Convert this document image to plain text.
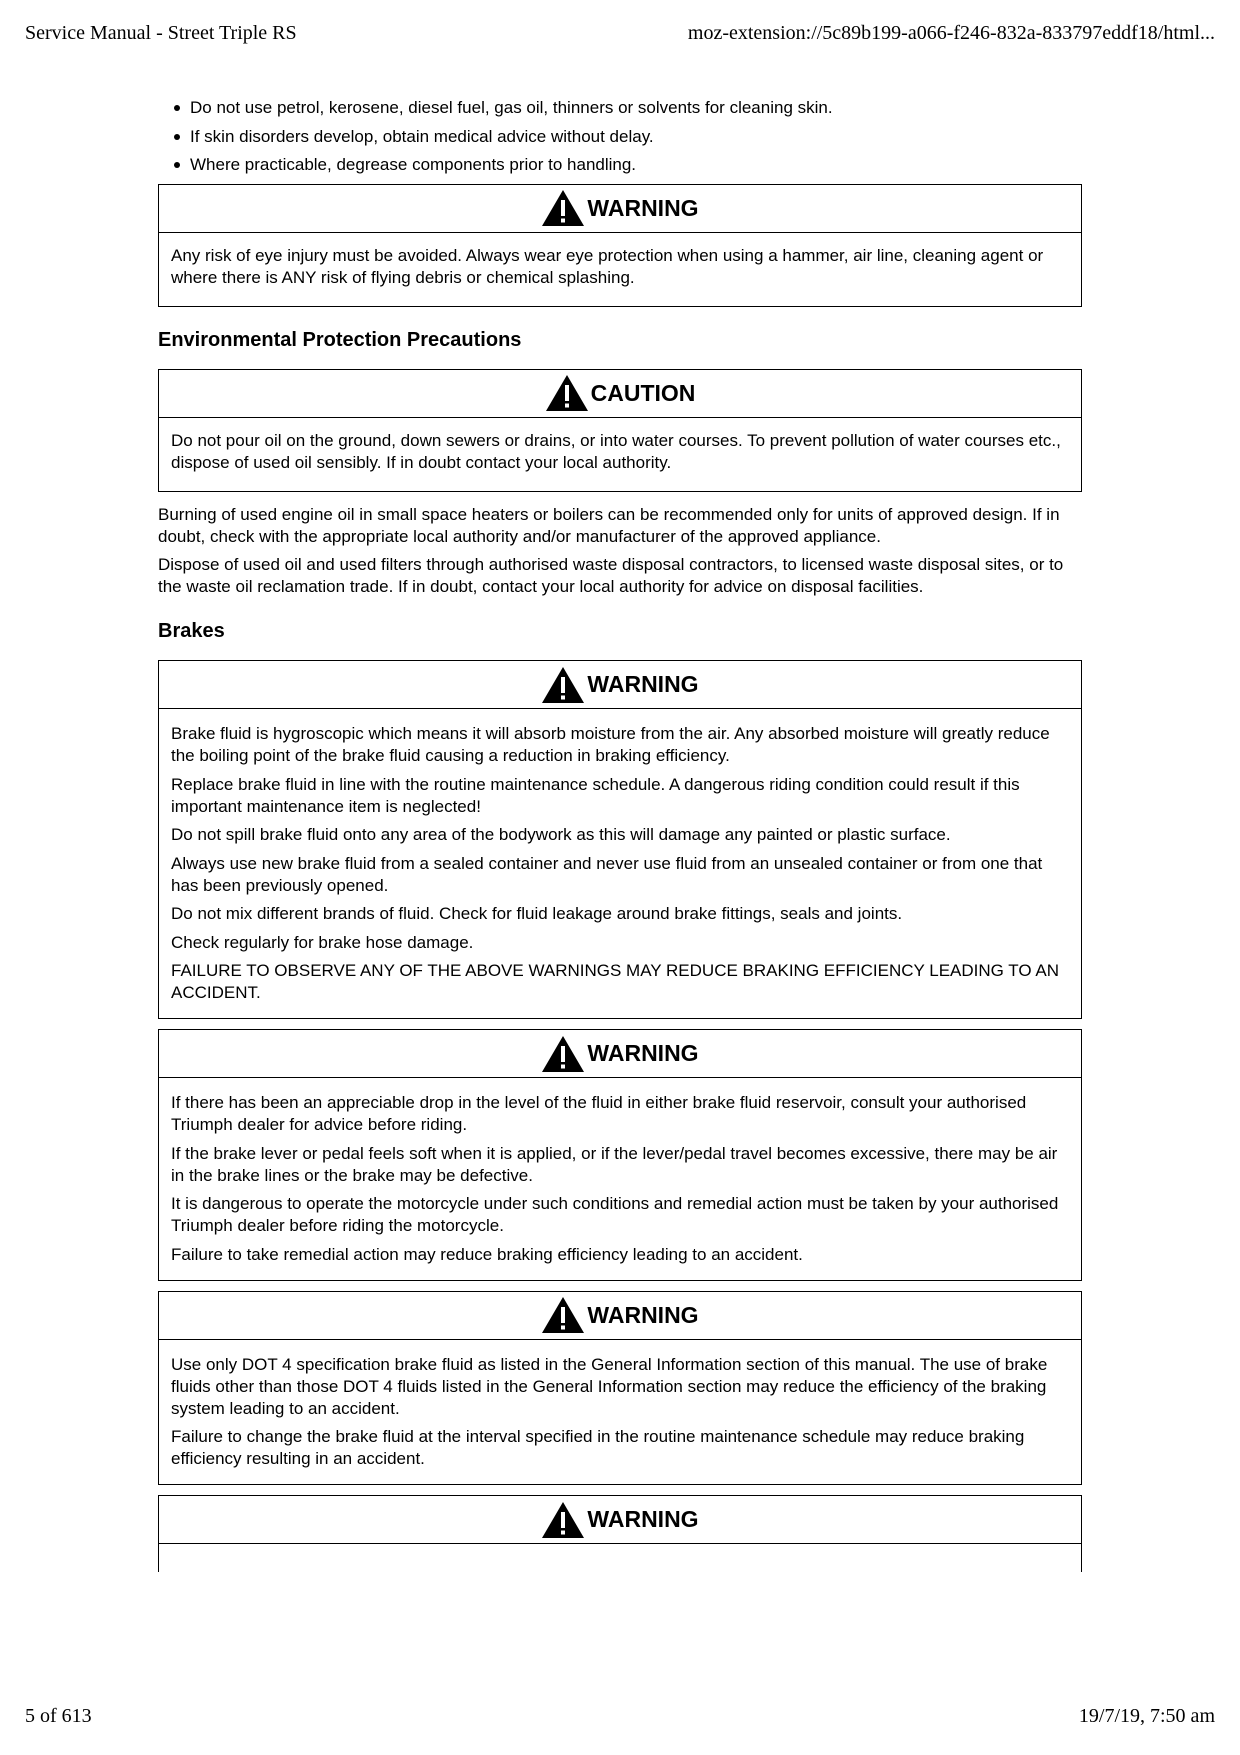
Service Manual - Street Triple RS	moz-extension://5c89b199-a066-f246-832a-833797eddf18/html...
Do not use petrol, kerosene, diesel fuel, gas oil, thinners or solvents for cleaning skin.
If skin disorders develop, obtain medical advice without delay.
Where practicable, degrease components prior to handling.
WARNING

Any risk of eye injury must be avoided. Always wear eye protection when using a hammer, air line, cleaning agent or where there is ANY risk of flying debris or chemical splashing.

Environmental Protection Precautions
CAUTION

Do not pour oil on the ground, down sewers or drains, or into water courses. To prevent pollution of water courses etc., dispose of used oil sensibly. If in doubt contact your local authority.

Burning of used engine oil in small space heaters or boilers can be recommended only for units of approved design. If in doubt, check with the appropriate local authority and/or manufacturer of the approved appliance.

Dispose of used oil and used filters through authorised waste disposal contractors, to licensed waste disposal sites, or to the waste oil reclamation trade. If in doubt, contact your local authority for advice on disposal facilities.

Brakes
WARNING

Brake fluid is hygroscopic which means it will absorb moisture from the air. Any absorbed moisture will greatly reduce the boiling point of the brake fluid causing a reduction in braking efficiency.

Replace brake fluid in line with the routine maintenance schedule. A dangerous riding condition could result if this important maintenance item is neglected!

Do not spill brake fluid onto any area of the bodywork as this will damage any painted or plastic surface.

Always use new brake fluid from a sealed container and never use fluid from an unsealed container or from one that has been previously opened.

Do not mix different brands of fluid. Check for fluid leakage around brake fittings, seals and joints.

Check regularly for brake hose damage.

FAILURE TO OBSERVE ANY OF THE ABOVE WARNINGS MAY REDUCE BRAKING EFFICIENCY LEADING TO AN ACCIDENT.

WARNING

If there has been an appreciable drop in the level of the fluid in either brake fluid reservoir, consult your authorised Triumph dealer for advice before riding.

If the brake lever or pedal feels soft when it is applied, or if the lever/pedal travel becomes excessive, there may be air in the brake lines or the brake may be defective.

It is dangerous to operate the motorcycle under such conditions and remedial action must be taken by your authorised Triumph dealer before riding the motorcycle.

Failure to take remedial action may reduce braking efficiency leading to an accident.

WARNING

Use only DOT 4 specification brake fluid as listed in the General Information section of this manual. The use of brake fluids other than those DOT 4 fluids listed in the General Information section may reduce the efficiency of the braking system leading to an accident.

Failure to change the brake fluid at the interval specified in the routine maintenance schedule may reduce braking efficiency resulting in an accident.

WARNING
5 of 613	19/7/19, 7:50 am
